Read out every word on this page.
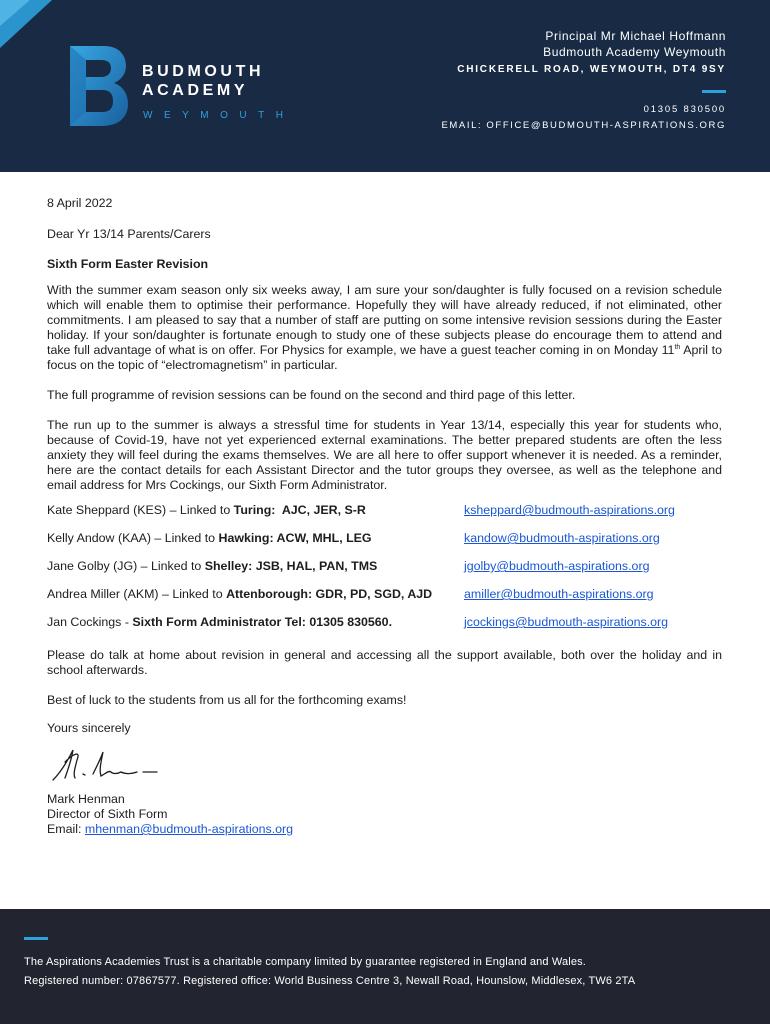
BUDMOUTH
ACADEMY
WEYMOUTH
Principal Mr Michael Hoffmann
Budmouth Academy Weymouth
CHICKERELL ROAD, WEYMOUTH, DT4 9SY
01305 830500
EMAIL: OFFICE@BUDMOUTH-ASPIRATIONS.ORG

8 April 2022

Dear Yr 13/14 Parents/Carers

Sixth Form Easter Revision

With the summer exam season only six weeks away, I am sure your son/daughter is fully focused on a revision schedule which will enable them to optimise their performance. Hopefully they will have already reduced, if not eliminated, other commitments. I am pleased to say that a number of staff are putting on some intensive revision sessions during the Easter holiday. If your son/daughter is fortunate enough to study one of these subjects please do encourage them to attend and take full advantage of what is on offer. For Physics for example, we have a guest teacher coming in on Monday 11th April to focus on the topic of “electromagnetism” in particular.

The full programme of revision sessions can be found on the second and third page of this letter.

The run up to the summer is always a stressful time for students in Year 13/14, especially this year for students who, because of Covid-19, have not yet experienced external examinations. The better prepared students are often the less anxiety they will feel during the exams themselves. We are all here to offer support whenever it is needed. As a reminder, here are the contact details for each Assistant Director and the tutor groups they oversee, as well as the telephone and email address for Mrs Cockings, our Sixth Form Administrator.

Kate Sheppard (KES) – Linked to Turing:  AJC, JER, S-R	ksheppard@budmouth-aspirations.org
Kelly Andow (KAA) – Linked to Hawking: ACW, MHL, LEG	kandow@budmouth-aspirations.org
Jane Golby (JG) – Linked to Shelley: JSB, HAL, PAN, TMS	jgolby@budmouth-aspirations.org
Andrea Miller (AKM) – Linked to Attenborough: GDR, PD, SGD, AJD	amiller@budmouth-aspirations.org
Jan Cockings - Sixth Form Administrator Tel: 01305 830560.	jcockings@budmouth-aspirations.org

Please do talk at home about revision in general and accessing all the support available, both over the holiday and in school afterwards.

Best of luck to the students from us all for the forthcoming exams!

Yours sincerely

Mark Henman

Director of Sixth Form

Email: mhenman@budmouth-aspirations.org

The Aspirations Academies Trust is a charitable company limited by guarantee registered in England and Wales.
Registered number: 07867577. Registered office: World Business Centre 3, Newall Road, Hounslow, Middlesex, TW6 2TA
